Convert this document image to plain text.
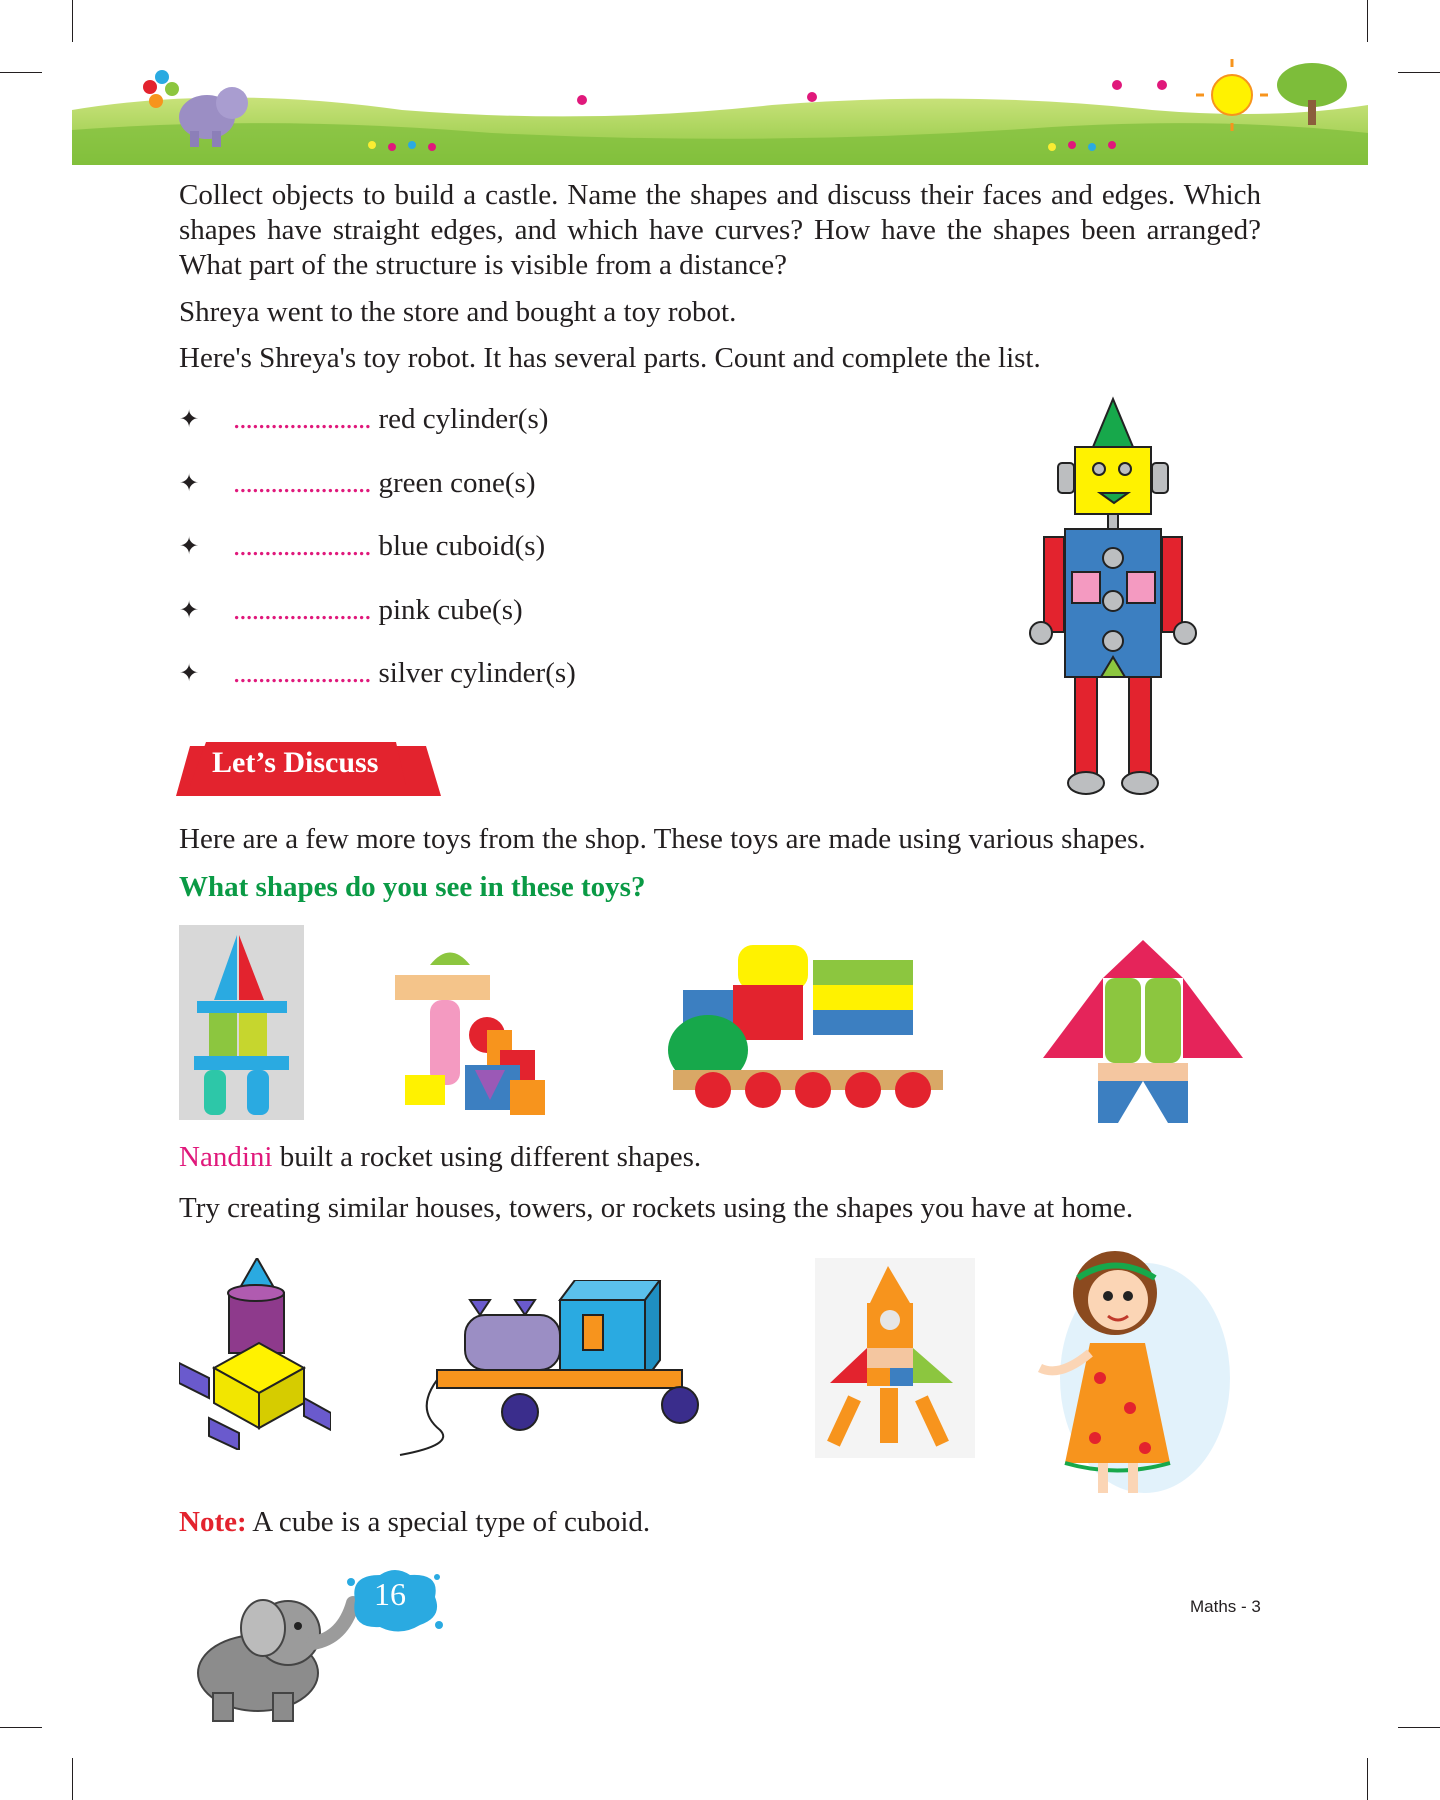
Collect objects to build a castle. Name the shapes and discuss their faces and edges. Which shapes have straight edges, and which have curves? How have the shapes been arranged? What part of the structure is visible from a distance?

Shreya went to the store and bought a toy robot.

Here's Shreya's toy robot. It has several parts. Count and complete the list.

✦	...................... red cylinder(s)
✦	...................... green cone(s)
✦	...................... blue cuboid(s)
✦	...................... pink cube(s)
✦	...................... silver cylinder(s)
Let’s Discuss

Here are a few more toys from the shop. These toys are made using various shapes.

What shapes do you see in these toys?

Nandini built a rocket using different shapes.

Try creating similar houses, towers, or rockets using the shapes you have at home.

Note: A cube is a special type of cuboid.

16	Maths - 3
